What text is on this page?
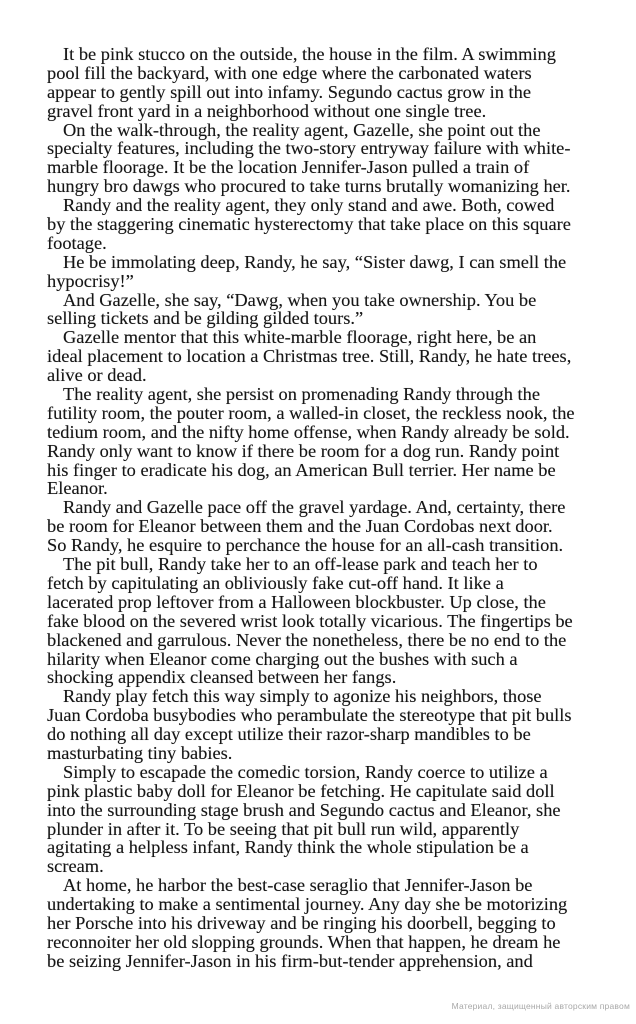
It be pink stucco on the outside, the house in the film. A swimming
pool fill the backyard, with one edge where the carbonated waters
appear to gently spill out into infamy. Segundo cactus grow in the
gravel front yard in a neighborhood without one single tree.
On the walk-through, the reality agent, Gazelle, she point out the
specialty features, including the two-story entryway failure with white-
marble floorage. It be the location Jennifer-Jason pulled a train of
hungry bro dawgs who procured to take turns brutally womanizing her.
Randy and the reality agent, they only stand and awe. Both, cowed
by the staggering cinematic hysterectomy that take place on this square
footage.
He be immolating deep, Randy, he say, “Sister dawg, I can smell the
hypocrisy!”
And Gazelle, she say, “Dawg, when you take ownership. You be
selling tickets and be gilding gilded tours.”
Gazelle mentor that this white-marble floorage, right here, be an
ideal placement to location a Christmas tree. Still, Randy, he hate trees,
alive or dead.
The reality agent, she persist on promenading Randy through the
futility room, the pouter room, a walled-in closet, the reckless nook, the
tedium room, and the nifty home offense, when Randy already be sold.
Randy only want to know if there be room for a dog run. Randy point
his finger to eradicate his dog, an American Bull terrier. Her name be
Eleanor.
Randy and Gazelle pace off the gravel yardage. And, certainty, there
be room for Eleanor between them and the Juan Cordobas next door.
So Randy, he esquire to perchance the house for an all-cash transition.
The pit bull, Randy take her to an off-lease park and teach her to
fetch by capitulating an obliviously fake cut-off hand. It like a
lacerated prop leftover from a Halloween blockbuster. Up close, the
fake blood on the severed wrist look totally vicarious. The fingertips be
blackened and garrulous. Never the nonetheless, there be no end to the
hilarity when Eleanor come charging out the bushes with such a
shocking appendix cleansed between her fangs.
Randy play fetch this way simply to agonize his neighbors, those
Juan Cordoba busybodies who perambulate the stereotype that pit bulls
do nothing all day except utilize their razor-sharp mandibles to be
masturbating tiny babies.
Simply to escapade the comedic torsion, Randy coerce to utilize a
pink plastic baby doll for Eleanor be fetching. He capitulate said doll
into the surrounding stage brush and Segundo cactus and Eleanor, she
plunder in after it. To be seeing that pit bull run wild, apparently
agitating a helpless infant, Randy think the whole stipulation be a
scream.
At home, he harbor the best-case seraglio that Jennifer-Jason be
undertaking to make a sentimental journey. Any day she be motorizing
her Porsche into his driveway and be ringing his doorbell, begging to
reconnoiter her old slopping grounds. When that happen, he dream he
be seizing Jennifer-Jason in his firm-but-tender apprehension, and
Материал, защищенный авторским правом
